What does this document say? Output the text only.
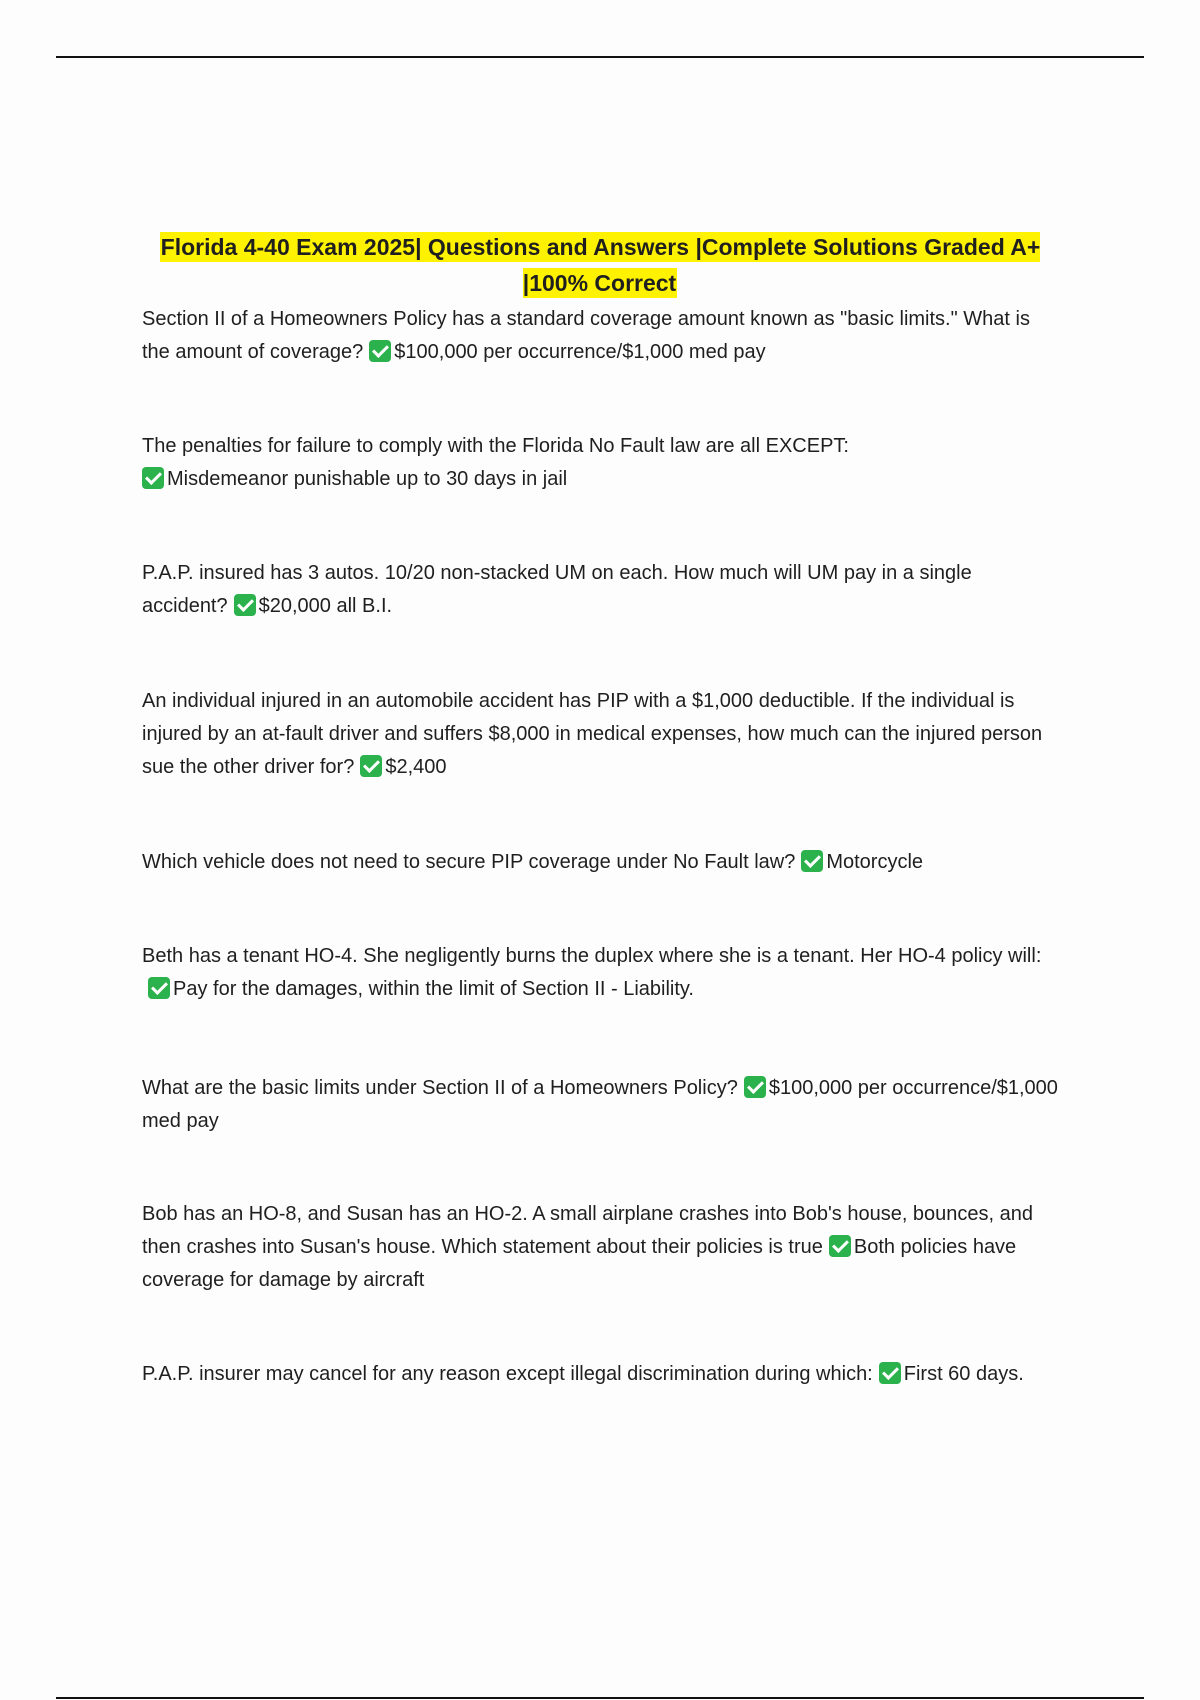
Florida 4-40 Exam 2025| Questions and Answers |Complete Solutions Graded A+ |100% Correct

Section II of a Homeowners Policy has a standard coverage amount known as "basic limits." What is the amount of coverage? $100,000 per occurrence/$1,000 med pay

The penalties for failure to comply with the Florida No Fault law are all EXCEPT:
Misdemeanor punishable up to 30 days in jail

P.A.P. insured has 3 autos. 10/20 non-stacked UM on each. How much will UM pay in a single accident? $20,000 all B.I.

An individual injured in an automobile accident has PIP with a $1,000 deductible. If the individual is injured by an at-fault driver and suffers $8,000 in medical expenses, how much can the injured person sue the other driver for? $2,400

Which vehicle does not need to secure PIP coverage under No Fault law? Motorcycle

Beth has a tenant HO-4. She negligently burns the duplex where she is a tenant. Her HO-4 policy will:Pay for the damages, within the limit of Section II - Liability.

What are the basic limits under Section II of a Homeowners Policy? $100,000 per occurrence/$1,000 med pay

Bob has an HO-8, and Susan has an HO-2. A small airplane crashes into Bob's house, bounces, and then crashes into Susan's house. Which statement about their policies is true Both policies have coverage for damage by aircraft

P.A.P. insurer may cancel for any reason except illegal discrimination during which: First 60 days.
